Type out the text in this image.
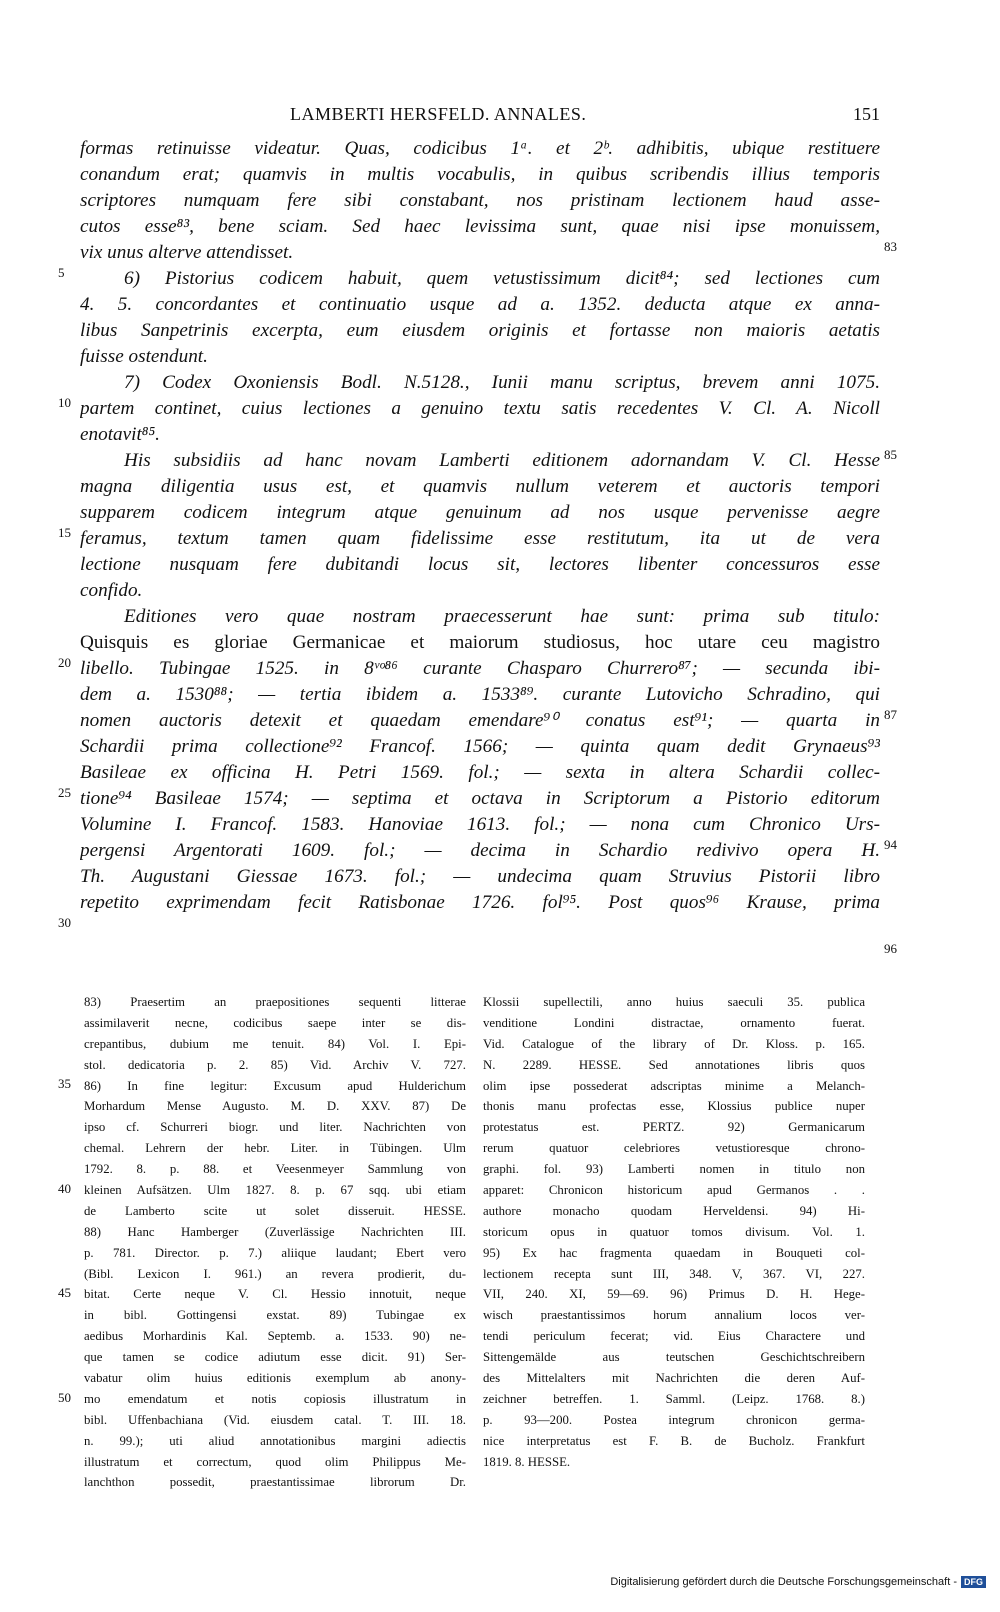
LAMBERTI HERSFELD. ANNALES.	151
formas retinuisse videatur. Quas, codicibus 1ᵃ. et 2ᵇ. adhibitis, ubique restituere
conandum erat; quamvis in multis vocabulis, in quibus scribendis illius temporis
scriptores numquam fere sibi constabant, nos pristinam lectionem haud asse-
cutos esse⁸³, bene sciam. Sed haec levissima sunt, quae nisi ipse monuissem,
vix unus alterve attendisset.
6) Pistorius codicem habuit, quem vetustissimum dicit⁸⁴; sed lectiones cum
4. 5. concordantes et continuatio usque ad a. 1352. deducta atque ex anna-
libus Sanpetrinis excerpta, eum eiusdem originis et fortasse non maioris aetatis
fuisse ostendunt.
7) Codex Oxoniensis Bodl. N.5128., Iunii manu scriptus, brevem anni 1075.
partem continet, cuius lectiones a genuino textu satis recedentes V. Cl. A. Nicoll
enotavit⁸⁵.
His subsidiis ad hanc novam Lamberti editionem adornandam V. Cl. Hesse
magna diligentia usus est, et quamvis nullum veterem et auctoris tempori
supparem codicem integrum atque genuinum ad nos usque pervenisse aegre
feramus, textum tamen quam fidelissime esse restitutum, ita ut de vera
lectione nusquam fere dubitandi locus sit, lectores libenter concessuros esse
confido.
Editiones vero quae nostram praecesserunt hae sunt: prima sub titulo:
Quisquis es gloriae Germanicae et maiorum studiosus, hoc utare ceu magistro
libello. Tubingae 1525. in 8ᵛᵒ⁸⁶ curante Chasparo Churrero⁸⁷; — secunda ibi-
dem a. 1530⁸⁸; — tertia ibidem a. 1533⁸⁹. curante Lutovicho Schradino, qui
nomen auctoris detexit et quaedam emendare⁹⁰ conatus est⁹¹; — quarta in
Schardii prima collectione⁹² Francof. 1566; — quinta quam dedit Grynaeus⁹³
Basileae ex officina H. Petri 1569. fol.; — sexta in altera Schardii collec-
tione⁹⁴ Basileae 1574; — septima et octava in Scriptorum a Pistorio editorum
Volumine I. Francof. 1583. Hanoviae 1613. fol.; — nona cum Chronico Urs-
pergensi Argentorati 1609. fol.; — decima in Schardio redivivo opera H.
Th. Augustani Giessae 1673. fol.; — undecima quam Struvius Pistorii libro
repetito exprimendam fecit Ratisbonae 1726. fol⁹⁵. Post quos⁹⁶ Krause, prima
5
10
15
20
25
30
83
85
87
94
96
83) Praesertim an praepositiones sequenti litterae
assimilaverit necne, codicibus saepe inter se dis-
crepantibus, dubium me tenuit. 84) Vol. I. Epi-
stol. dedicatoria p. 2. 85) Vid. Archiv V. 727.
86) In fine legitur: Excusum apud Hulderichum
Morhardum Mense Augusto. M. D. XXV. 87) De
ipso cf. Schurreri biogr. und liter. Nachrichten von
chemal. Lehrern der hebr. Liter. in Tübingen. Ulm
1792. 8. p. 88. et Veesenmeyer Sammlung von
kleinen Aufsätzen. Ulm 1827. 8. p. 67 sqq. ubi etiam
de Lamberto scite ut solet disseruit. HESSE.
88) Hanc Hamberger (Zuverlässige Nachrichten III.
p. 781. Director. p. 7.) aliique laudant; Ebert vero
(Bibl. Lexicon I. 961.) an revera prodierit, du-
bitat. Certe neque V. Cl. Hessio innotuit, neque
in bibl. Gottingensi exstat. 89) Tubingae ex
aedibus Morhardinis Kal. Septemb. a. 1533. 90) ne-
que tamen se codice adiutum esse dicit. 91) Ser-
vabatur olim huius editionis exemplum ab anony-
mo emendatum et notis copiosis illustratum in
bibl. Uffenbachiana (Vid. eiusdem catal. T. III. 18.
n. 99.); uti aliud annotationibus margini adiectis
illustratum et correctum, quod olim Philippus Me-
lanchthon possedit, praestantissimae librorum Dr.
35
40
45
50
Klossii supellectili, anno huius saeculi 35. publica
venditione Londini distractae, ornamento fuerat.
Vid. Catalogue of the library of Dr. Kloss. p. 165.
N. 2289. HESSE. Sed annotationes libris quos
olim ipse possederat adscriptas minime a Melanch-
thonis manu profectas esse, Klossius publice nuper
protestatus est. PERTZ. 92) Germanicarum
rerum quatuor celebriores vetustioresque chrono-
graphi. fol. 93) Lamberti nomen in titulo non
apparet: Chronicon historicum apud Germanos . .
authore monacho quodam Herveldensi. 94) Hi-
storicum opus in quatuor tomos divisum. Vol. 1.
95) Ex hac fragmenta quaedam in Bouqueti col-
lectionem recepta sunt III, 348. V, 367. VI, 227.
VII, 240. XI, 59—69. 96) Primus D. H. Hege-
wisch praestantissimos horum annalium locos ver-
tendi periculum fecerat; vid. Eius Charactere und
Sittengemälde aus teutschen Geschichtschreibern
des Mittelalters mit Nachrichten die deren Auf-
zeichner betreffen. 1. Samml. (Leipz. 1768. 8.)
p. 93—200. Postea integrum chronicon germa-
nice interpretatus est F. B. de Bucholz. Frankfurt
1819. 8. HESSE.
Digitalisierung gefördert durch die Deutsche Forschungsgemeinschaft - DFG
